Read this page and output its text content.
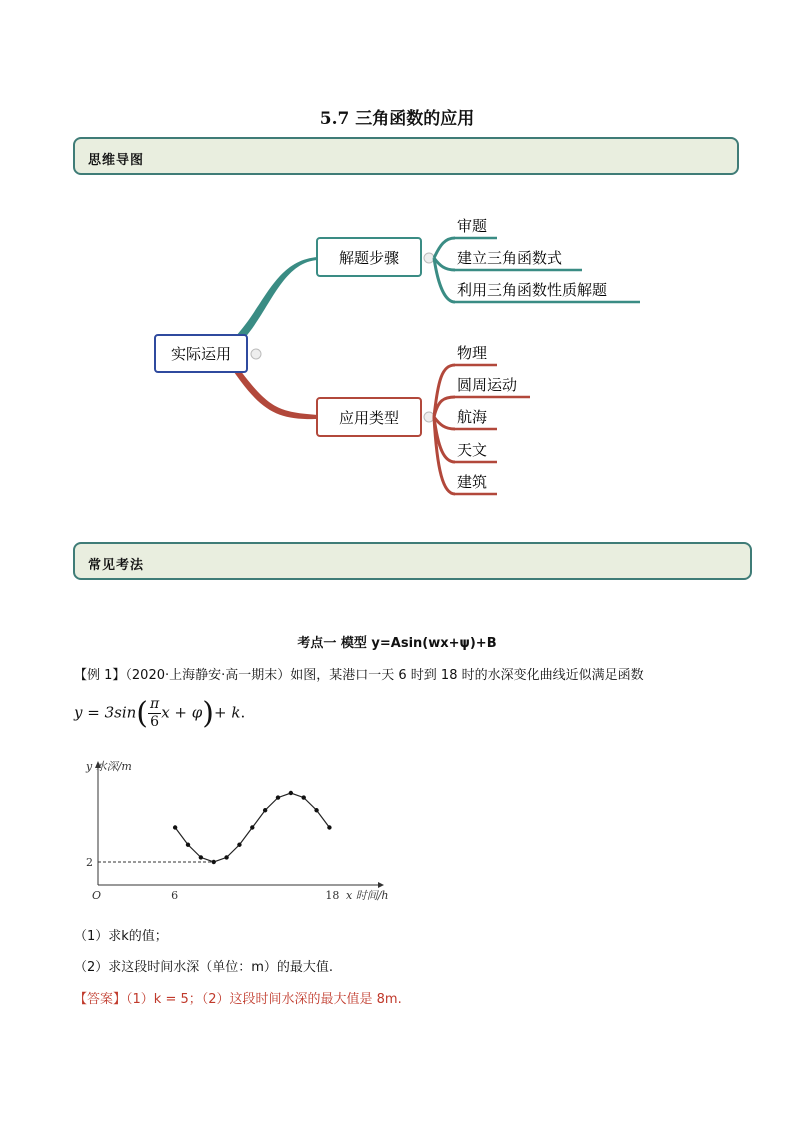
5.7 三角函数的应用
思维导图
实际运用
解题步骤
审题
建立三角函数式
利用三角函数性质解题
应用类型
物理
圆周运动
航海
天文
建筑
常见考法
考点一 模型 y=Asin(wx+ψ)+B
【例 1】（2020·上海静安·高一期末）如图，某港口一天 6 时到 18 时的水深变化曲线近似满足函数
$y = 3\sin( \frac{\pi}{6}$ x + φ)+ k.
y 水深/m
x 时间/h
O	6	18
2
（1）求k的值；
（2）求这段时间水深（单位：m）的最大值.
【答案】（1）k = 5；（2）这段时间水深的最大值是 8m.
